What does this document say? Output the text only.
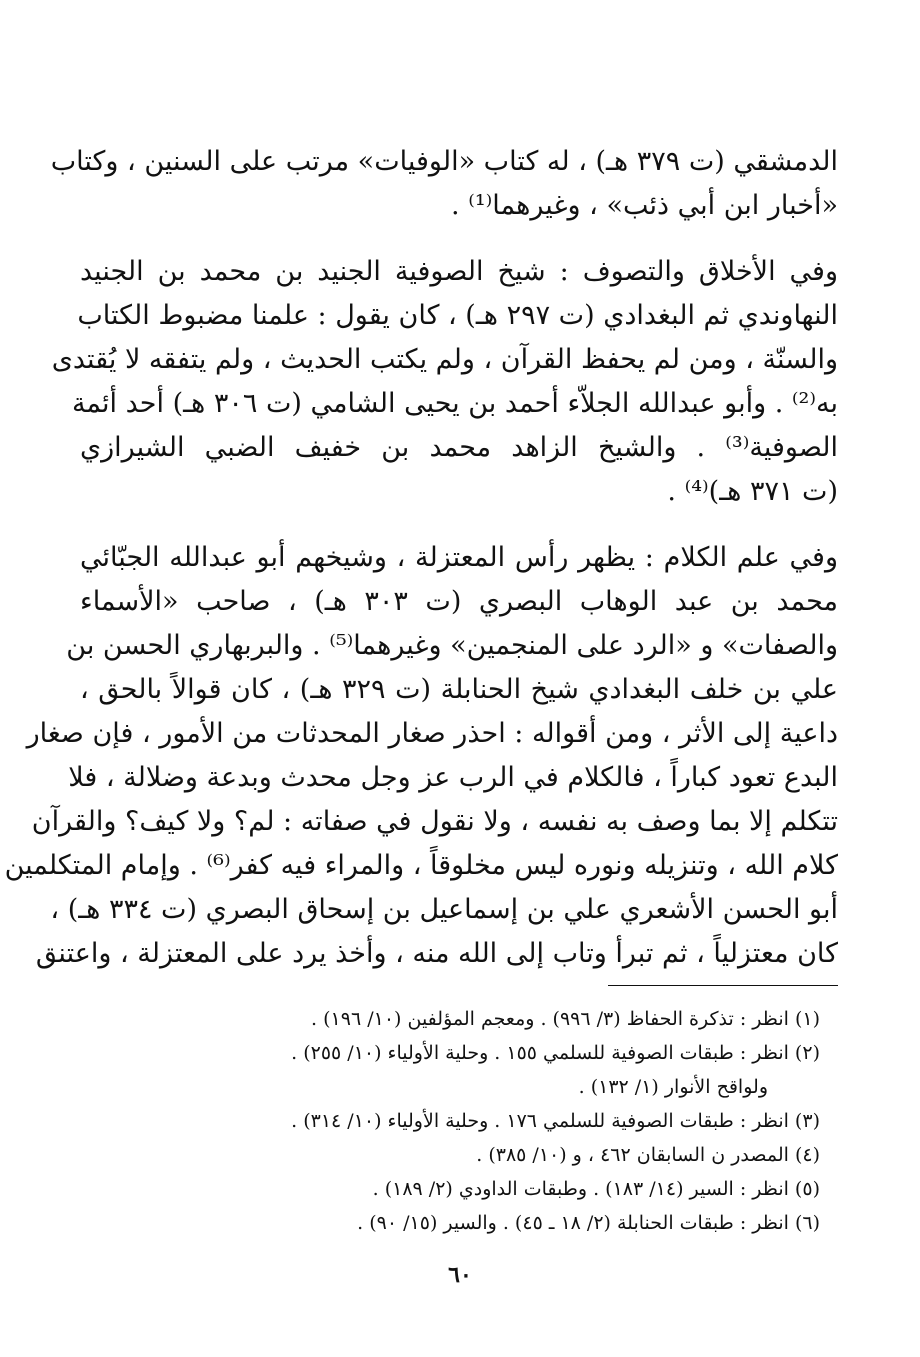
الدمشقي (ت ٣٧٩ هـ) ، له كتاب «الوفيات» مرتب على السنين ، وكتاب
«أخبار ابن أبي ذئب» ، وغيرهما⁽¹⁾ .
وفي الأخلاق والتصوف : شيخ الصوفية الجنيد بن محمد بن الجنيد
النهاوندي ثم البغدادي (ت ٢٩٧ هـ) ، كان يقول : علمنا مضبوط الكتاب
والسنّة ، ومن لم يحفظ القرآن ، ولم يكتب الحديث ، ولم يتفقه لا يُقتدى
به⁽²⁾ . وأبو عبدالله الجلاّء أحمد بن يحيى الشامي (ت ٣٠٦ هـ) أحد أئمة
الصوفية⁽³⁾ . والشيخ الزاهد محمد بن خفيف الضبي الشيرازي
(ت ٣٧١ هـ)⁽⁴⁾ .
وفي علم الكلام : يظهر رأس المعتزلة ، وشيخهم أبو عبدالله الجبّائي
محمد بن عبد الوهاب البصري (ت ٣٠٣ هـ) ، صاحب «الأسماء
والصفات» و «الرد على المنجمين» وغيرهما⁽⁵⁾ . والبربهاري الحسن بن
علي بن خلف البغدادي شيخ الحنابلة (ت ٣٢٩ هـ) ، كان قوالاً بالحق ،
داعية إلى الأثر ، ومن أقواله : احذر صغار المحدثات من الأمور ، فإن صغار
البدع تعود كباراً ، فالكلام في الرب عز وجل محدث وبدعة وضلالة ، فلا
تتكلم إلا بما وصف به نفسه ، ولا نقول في صفاته : لم؟ ولا كيف؟ والقرآن
كلام الله ، وتنزيله ونوره ليس مخلوقاً ، والمراء فيه كفر⁽⁶⁾ . وإمام المتكلمين
أبو الحسن الأشعري علي بن إسماعيل بن إسحاق البصري (ت ٣٣٤ هـ) ،
كان معتزلياً ، ثم تبرأ وتاب إلى الله منه ، وأخذ يرد على المعتزلة ، واعتنق
(١) انظر : تذكرة الحفاظ (٣/ ٩٩٦) . ومعجم المؤلفين (١٠/ ١٩٦) .
(٢) انظر : طبقات الصوفية للسلمي ١٥٥ . وحلية الأولياء (١٠/ ٢٥٥) .
ولواقح الأنوار (١/ ١٣٢) .
(٣) انظر : طبقات الصوفية للسلمي ١٧٦ . وحلية الأولياء (١٠/ ٣١٤) .
(٤) المصدر ن السابقان ٤٦٢ ، و (١٠/ ٣٨٥) .
(٥) انظر : السير (١٤/ ١٨٣) . وطبقات الداودي (٢/ ١٨٩) .
(٦) انظر : طبقات الحنابلة (٢/ ١٨ ـ ٤٥) . والسير (١٥/ ٩٠) .
٦٠
